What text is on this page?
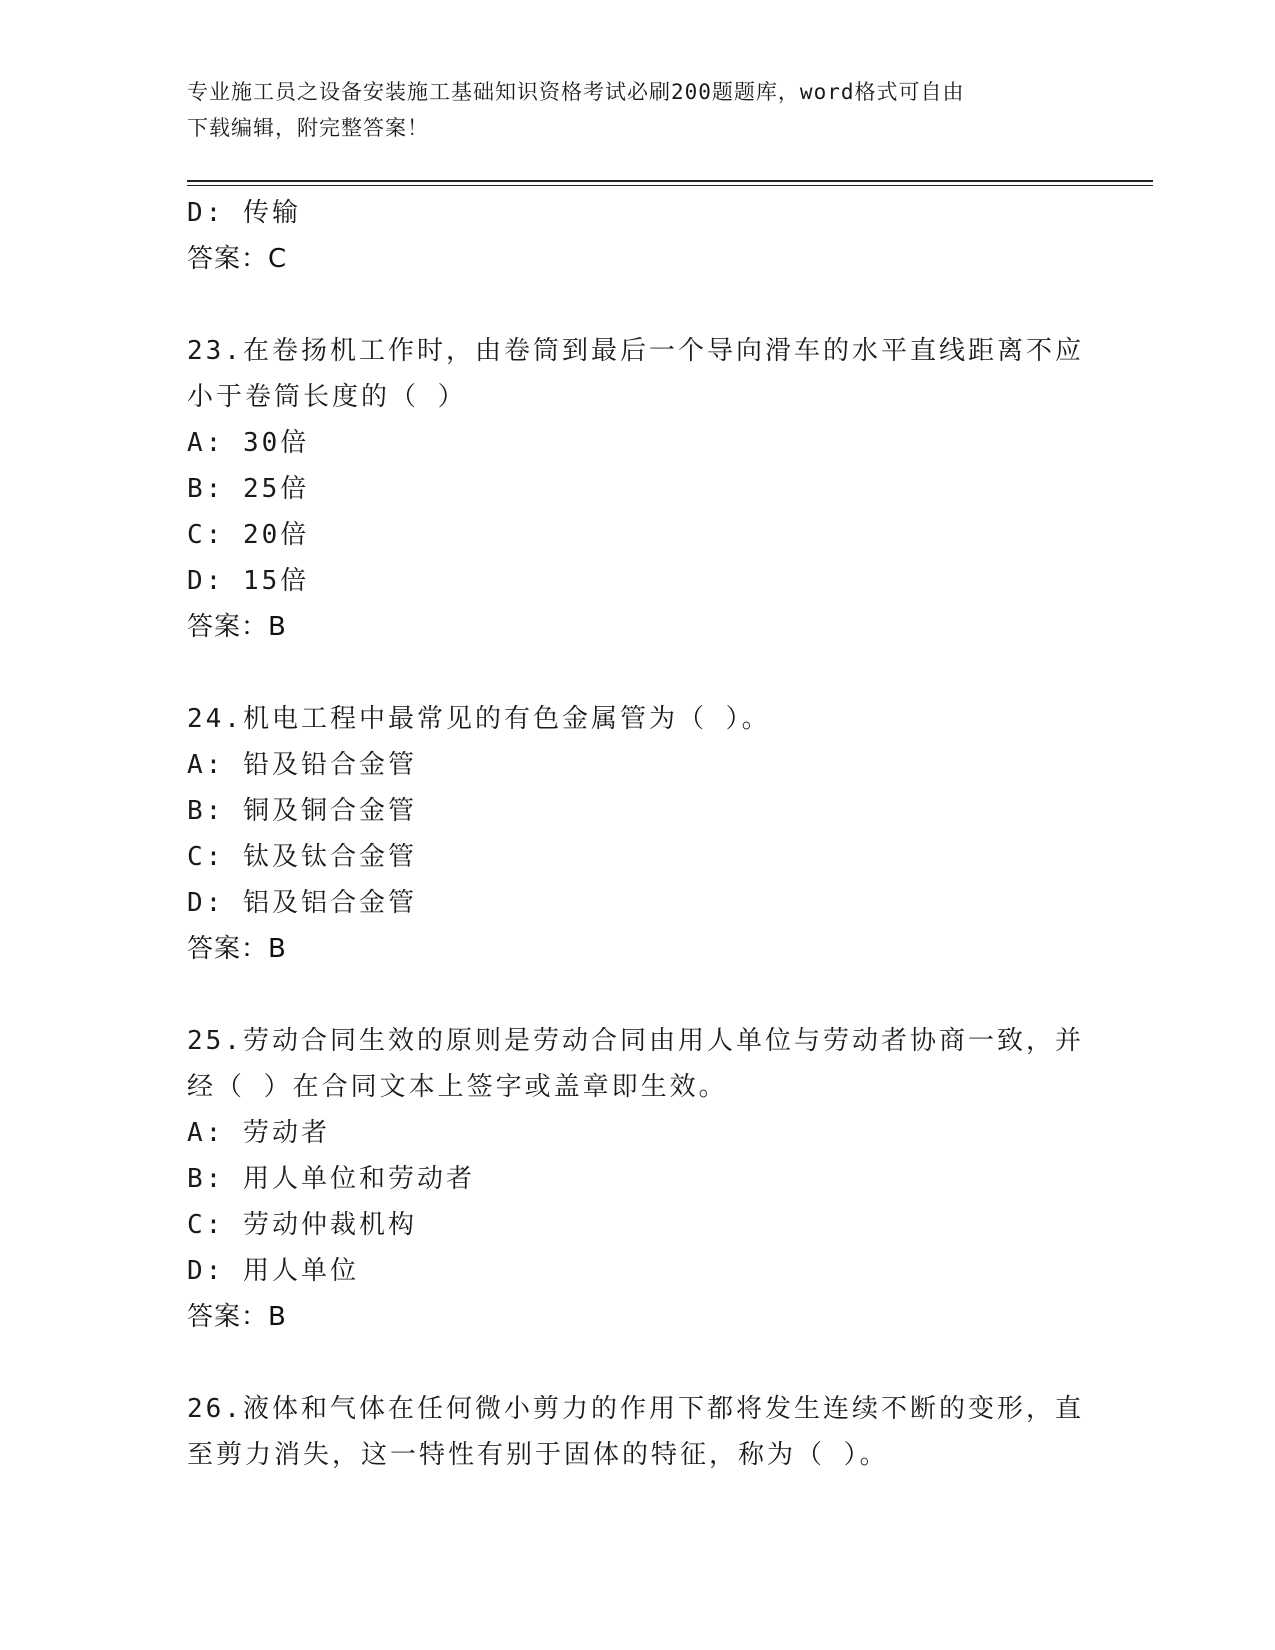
专业施工员之设备安装施工基础知识资格考试必刷200题题库，word格式可自由
下载编辑，附完整答案！
D: 传输
答案：C
23.在卷扬机工作时，由卷筒到最后一个导向滑车的水平直线距离不应
小于卷筒长度的（ ）
A: 30倍
B: 25倍
C: 20倍
D: 15倍
答案：B
24.机电工程中最常见的有色金属管为（ ）。
A: 铅及铅合金管
B: 铜及铜合金管
C: 钛及钛合金管
D: 铝及铝合金管
答案：B
25.劳动合同生效的原则是劳动合同由用人单位与劳动者协商一致，并
经（ ）在合同文本上签字或盖章即生效。
A: 劳动者
B: 用人单位和劳动者
C: 劳动仲裁机构
D: 用人单位
答案：B
26.液体和气体在任何微小剪力的作用下都将发生连续不断的变形，直
至剪力消失，这一特性有别于固体的特征，称为（ ）。
